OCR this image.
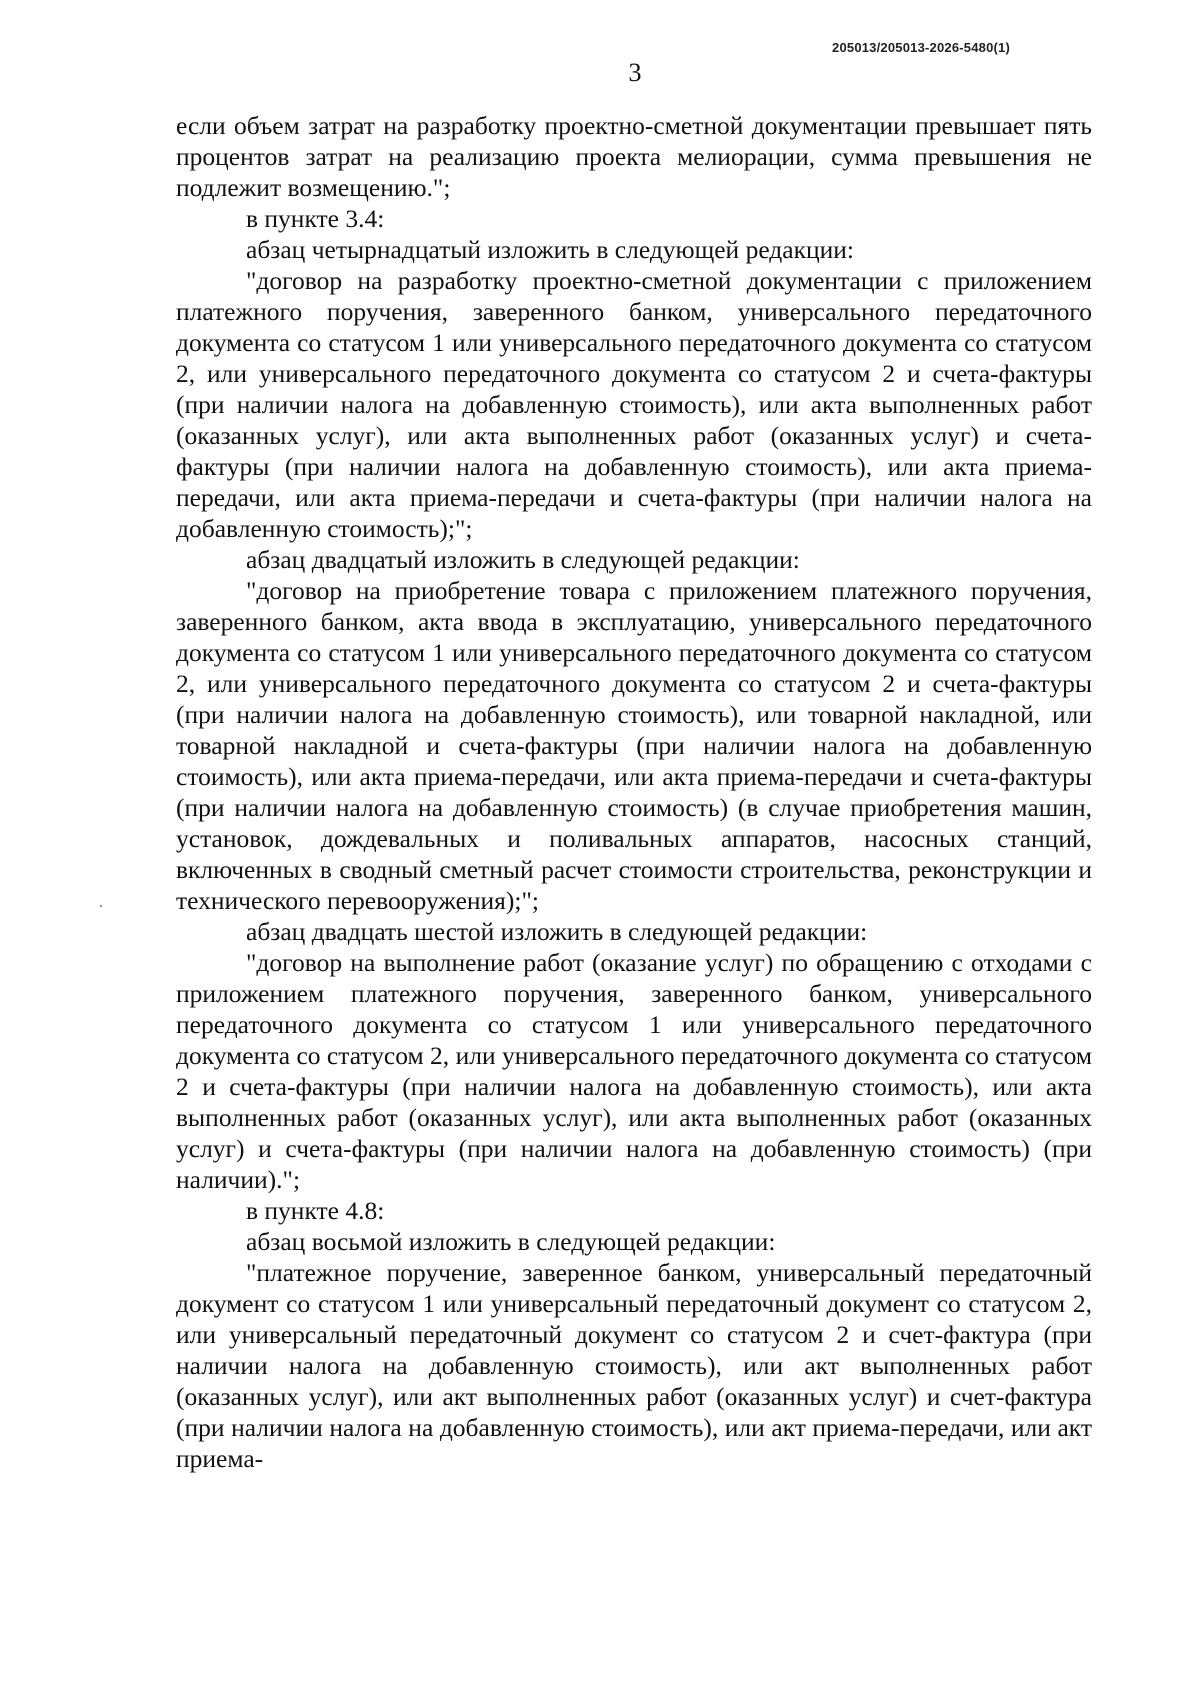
205013/205013-2026-5480(1)
3

если объем затрат на разработку проектно-сметной документации превышает пять процентов затрат на реализацию проекта мелиорации, сумма превышения не подлежит возмещению.";

в пункте 3.4:

абзац четырнадцатый изложить в следующей редакции:

"договор на разработку проектно-сметной документации с приложением платежного поручения, заверенного банком, универсального передаточного документа со статусом 1 или универсального передаточного документа со статусом 2, или универсального передаточного документа со статусом 2 и счета-фактуры (при наличии налога на добавленную стоимость), или акта выполненных работ (оказанных услуг), или акта выполненных работ (оказанных услуг) и счета-фактуры (при наличии налога на добавленную стоимость), или акта приема-передачи, или акта приема-передачи и счета-фактуры (при наличии налога на добавленную стоимость);";

абзац двадцатый изложить в следующей редакции:

"договор на приобретение товара с приложением платежного поручения, заверенного банком, акта ввода в эксплуатацию, универсального передаточного документа со статусом 1 или универсального передаточного документа со статусом 2, или универсального передаточного документа со статусом 2 и счета-фактуры (при наличии налога на добавленную стоимость), или товарной накладной, или товарной накладной и счета-фактуры (при наличии налога на добавленную стоимость), или акта приема-передачи, или акта приема-передачи и счета-фактуры (при наличии налога на добавленную стоимость) (в случае приобретения машин, установок, дождевальных и поливальных аппаратов, насосных станций, включенных в сводный сметный расчет стоимости строительства, реконструкции и технического перевооружения);";

абзац двадцать шестой изложить в следующей редакции:

"договор на выполнение работ (оказание услуг) по обращению с отходами с приложением платежного поручения, заверенного банком, универсального передаточного документа со статусом 1 или универсального передаточного документа со статусом 2, или универсального передаточного документа со статусом 2 и счета-фактуры (при наличии налога на добавленную стоимость), или акта выполненных работ (оказанных услуг), или акта выполненных работ (оказанных услуг) и счета-фактуры (при наличии налога на добавленную стоимость) (при наличии).";

в пункте 4.8:

абзац восьмой изложить в следующей редакции:

"платежное поручение, заверенное банком, универсальный передаточный документ со статусом 1 или универсальный передаточный документ со статусом 2, или универсальный передаточный документ со статусом 2 и счет-фактура (при наличии налога на добавленную стоимость), или акт выполненных работ (оказанных услуг), или акт выполненных работ (оказанных услуг) и счет-фактура (при наличии налога на добавленную стоимость), или акт приема-передачи, или акт приема-
